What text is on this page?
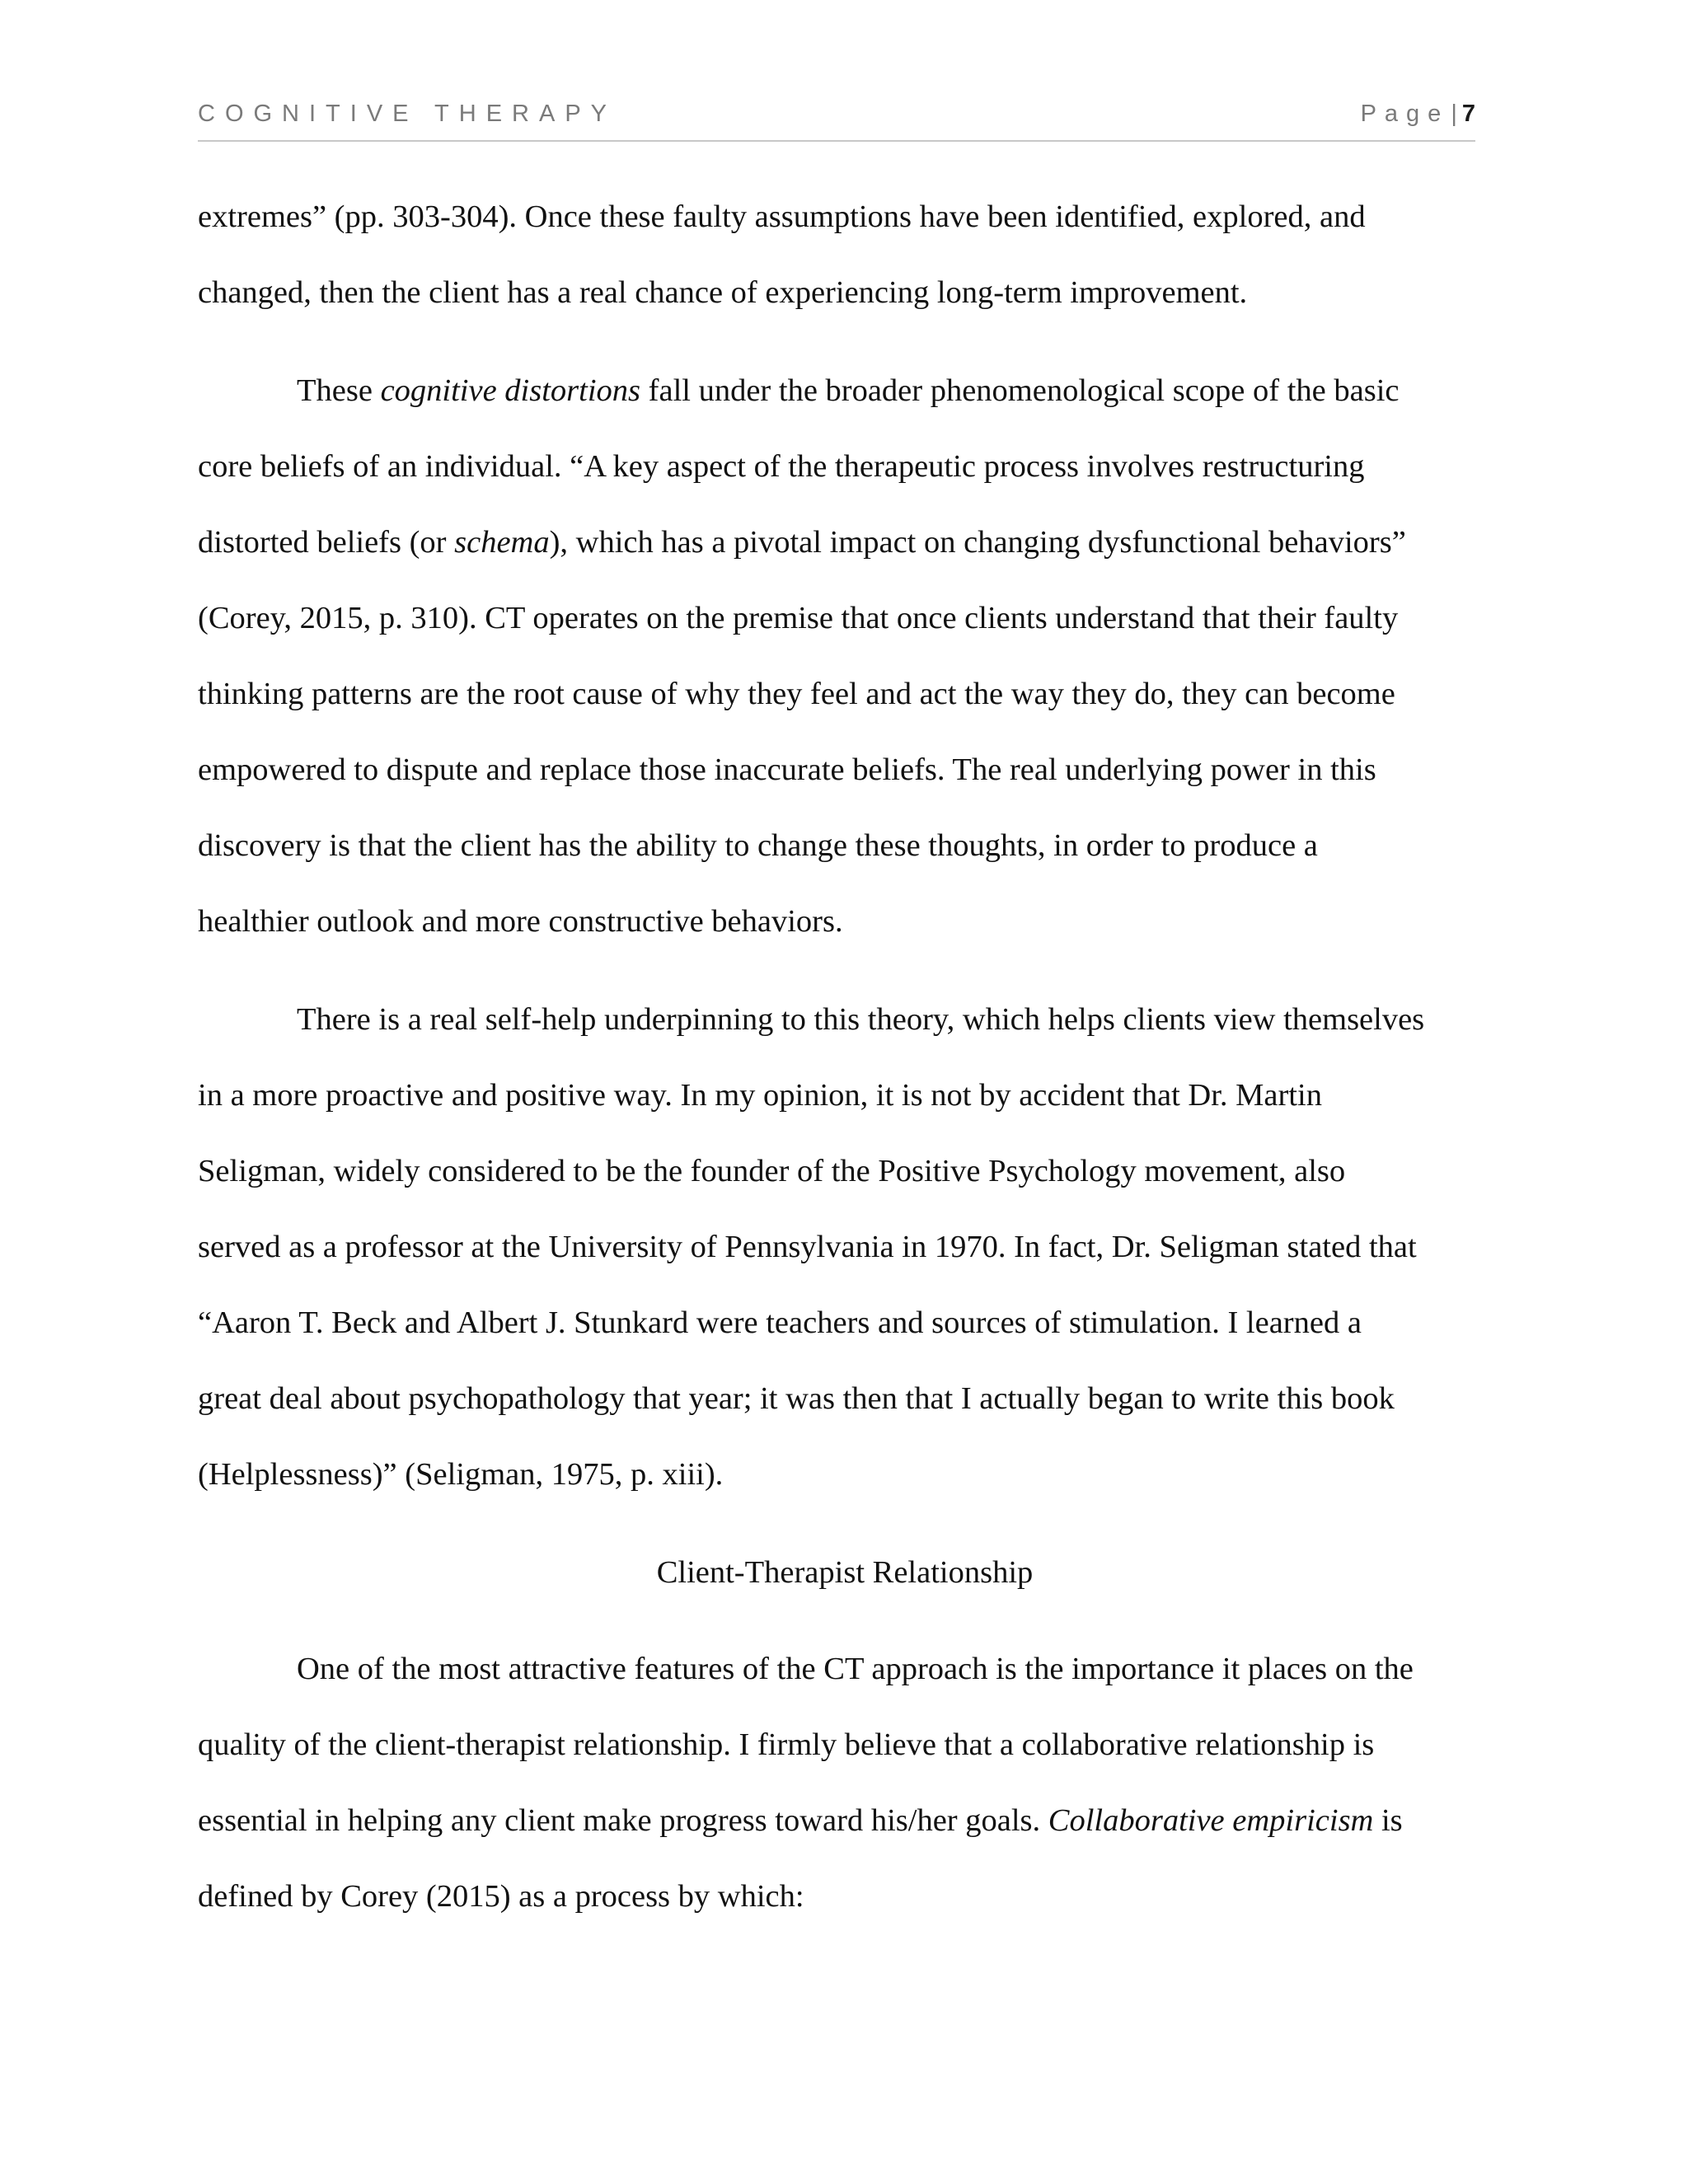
COGNITIVE THERAPY	Page| 7
extremes” (pp. 303-304). Once these faulty assumptions have been identified, explored, and
changed, then the client has a real chance of experiencing long-term improvement.
These cognitive distortions fall under the broader phenomenological scope of the basic
core beliefs of an individual. “A key aspect of the therapeutic process involves restructuring
distorted beliefs (or schema), which has a pivotal impact on changing dysfunctional behaviors”
(Corey, 2015, p. 310). CT operates on the premise that once clients understand that their faulty
thinking patterns are the root cause of why they feel and act the way they do, they can become
empowered to dispute and replace those inaccurate beliefs. The real underlying power in this
discovery is that the client has the ability to change these thoughts, in order to produce a
healthier outlook and more constructive behaviors.
There is a real self-help underpinning to this theory, which helps clients view themselves
in a more proactive and positive way. In my opinion, it is not by accident that Dr. Martin
Seligman, widely considered to be the founder of the Positive Psychology movement, also
served as a professor at the University of Pennsylvania in 1970. In fact, Dr. Seligman stated that
“Aaron T. Beck and Albert J. Stunkard were teachers and sources of stimulation. I learned a
great deal about psychopathology that year; it was then that I actually began to write this book
(Helplessness)” (Seligman, 1975, p. xiii).
Client-Therapist Relationship
One of the most attractive features of the CT approach is the importance it places on the
quality of the client-therapist relationship. I firmly believe that a collaborative relationship is
essential in helping any client make progress toward his/her goals. Collaborative empiricism is
defined by Corey (2015) as a process by which:
